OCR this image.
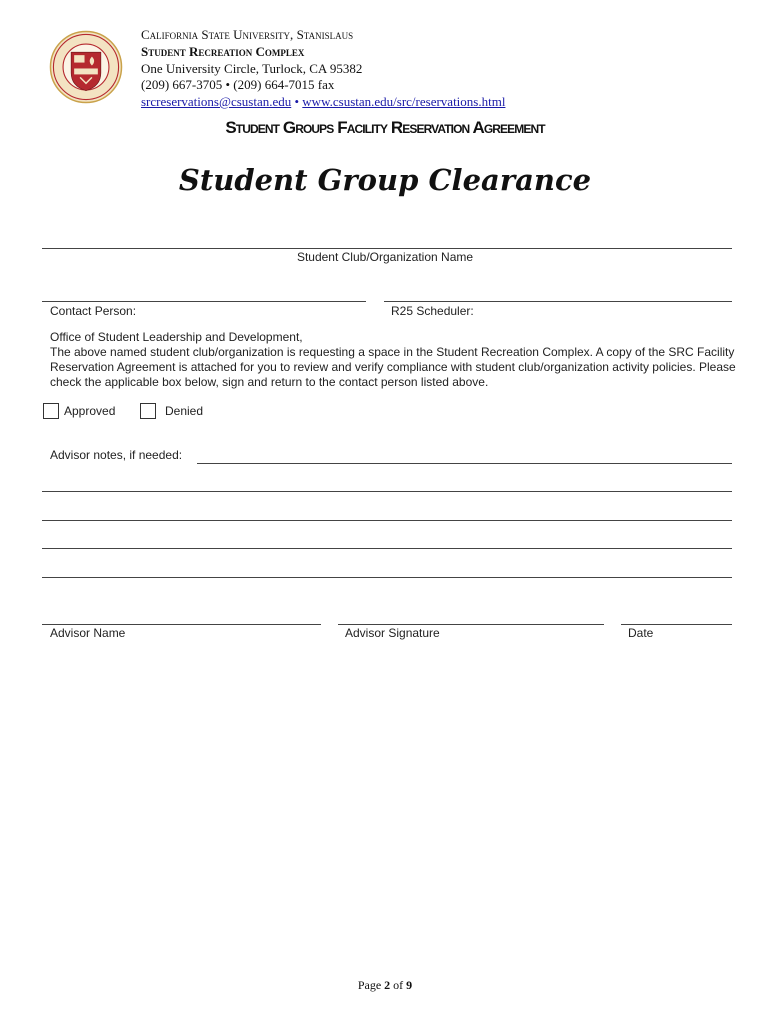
California State University, Stanislaus
Student Recreation Complex
One University Circle, Turlock, CA 95382
(209) 667-3705 • (209) 664-7015 fax
srcreservations@csustan.edu • www.csustan.edu/src/reservations.html
Student Groups Facility Reservation Agreement
Student Group Clearance
Student Club/Organization Name
Contact Person:	R25 Scheduler:
Office of Student Leadership and Development,
The above named student club/organization is requesting a space in the Student Recreation Complex. A copy of the SRC Facility Reservation Agreement is attached for you to review and verify compliance with student club/organization activity policies. Please check the applicable box below, sign and return to the contact person listed above.
Approved	Denied
Advisor notes, if needed:
Advisor Name	Advisor Signature	Date
Page 2 of 9
